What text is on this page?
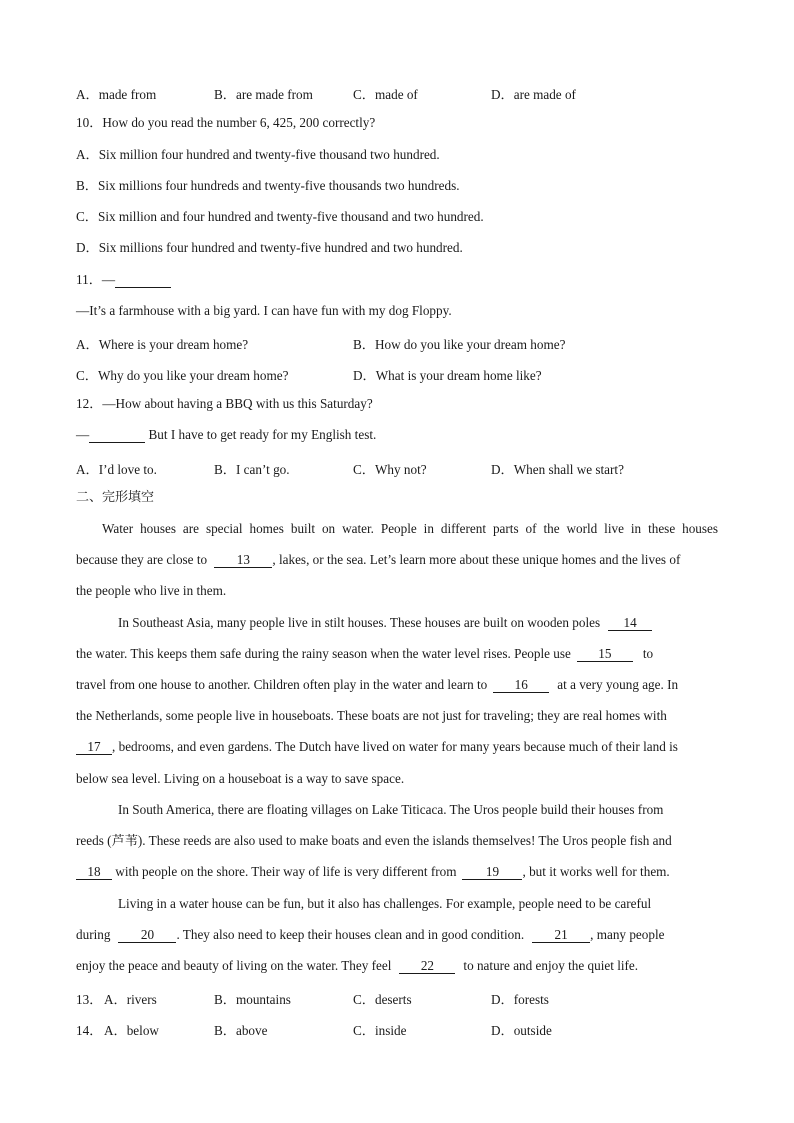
A．made from	B．are made from	C．made of	D．are made of
10．How do you read the number 6, 425, 200 correctly?
A．Six million four hundred and twenty-five thousand two hundred.
B．Six millions four hundreds and twenty-five thousands two hundreds.
C．Six million and four hundred and twenty-five thousand and two hundred.
D．Six millions four hundred and twenty-five hundred and two hundred.
11．—
—It’s a farmhouse with a big yard. I can have fun with my dog Floppy.
A．Where is your dream home?	B．How do you like your dream home?
C．Why do you like your dream home?	D．What is your dream home like?
12．—How about having a BBQ with us this Saturday?
—	But I have to get ready for my English test.
A．I’d love to.	B．I can’t go.	C．Why not?	D．When shall we start?
二、完形填空
Water houses are special homes built on water. People in different parts of the world live in these houses
because they are close to 13 , lakes, or the sea. Let’s learn more about these unique homes and the lives of
the people who live in them.
In Southeast Asia, many people live in stilt houses. These houses are built on wooden poles 14
the water. This keeps them safe during the rainy season when the water level rises. People use 15 to
travel from one house to another. Children often play in the water and learn to 16 at a very young age. In
the Netherlands, some people live in houseboats. These boats are not just for traveling; they are real homes with
17 , bedrooms, and even gardens. The Dutch have lived on water for many years because much of their land is
below sea level. Living on a houseboat is a way to save space.
In South America, there are floating villages on Lake Titicaca. The Uros people build their houses from
reeds (芦苇). These reeds are also used to make boats and even the islands themselves! The Uros people fish and
18 with people on the shore. Their way of life is very different from 19 , but it works well for them.
Living in a water house can be fun, but it also has challenges. For example, people need to be careful
during 20 . They also need to keep their houses clean and in good condition. 21 , many people
enjoy the peace and beauty of living on the water. They feel 22 to nature and enjoy the quiet life.
13． A．rivers	B．mountains	C．deserts	D．forests
14． A．below	B．above	C．inside	D．outside
